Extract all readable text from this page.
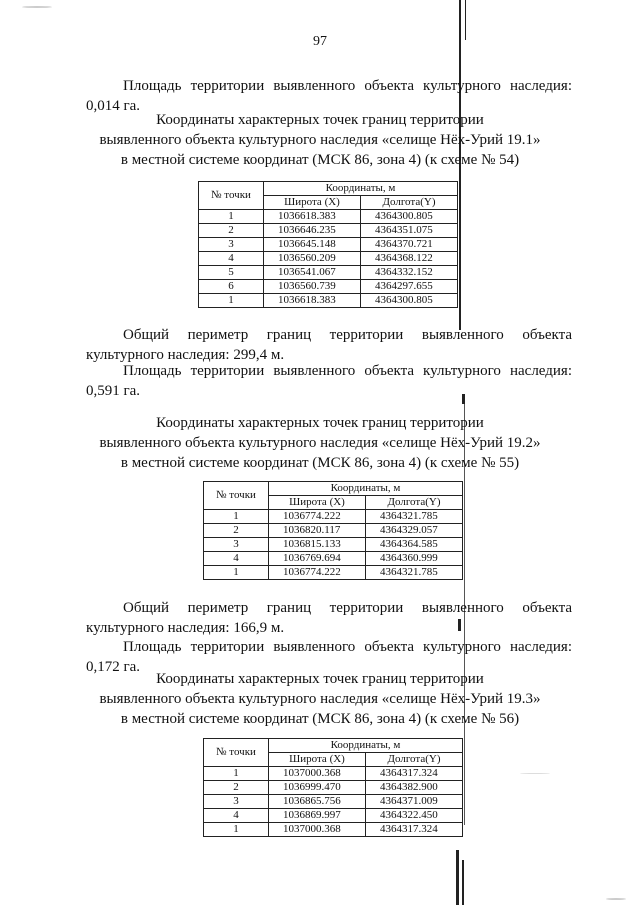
97

Площадь территории выявленного объекта культурного наследия:

0,014 га.

Координаты характерных точек границ территории

выявленного объекта культурного наследия «селище Нёх-Урий 19.1»

в местной системе координат (МСК 86, зона 4) (к схеме № 54)

№ точки	Координаты, м	
	Широта (X)	Долгота(Y)
1	1036618.383	4364300.805
2	1036646.235	4364351.075
3	1036645.148	4364370.721
4	1036560.209	4364368.122
5	1036541.067	4364332.152
6	1036560.739	4364297.655
1	1036618.383	4364300.805

Общий периметр границ территории выявленного объекта

культурного наследия: 299,4 м.

Площадь территории выявленного объекта культурного наследия:

0,591 га.

Координаты характерных точек границ территории

выявленного объекта культурного наследия «селище Нёх-Урий 19.2»

в местной системе координат (МСК 86, зона 4) (к схеме № 55)

№ точки	Координаты, м	
	Широта (X)	Долгота(Y)
1	1036774.222	4364321.785
2	1036820.117	4364329.057
3	1036815.133	4364364.585
4	1036769.694	4364360.999
1	1036774.222	4364321.785

Общий периметр границ территории выявленного объекта

культурного наследия: 166,9 м.

Площадь территории выявленного объекта культурного наследия:

0,172 га.

Координаты характерных точек границ территории

выявленного объекта культурного наследия «селище Нёх-Урий 19.3»

в местной системе координат (МСК 86, зона 4) (к схеме № 56)

№ точки	Координаты, м	
	Широта (X)	Долгота(Y)
1	1037000.368	4364317.324
2	1036999.470	4364382.900
3	1036865.756	4364371.009
4	1036869.997	4364322.450
1	1037000.368	4364317.324
